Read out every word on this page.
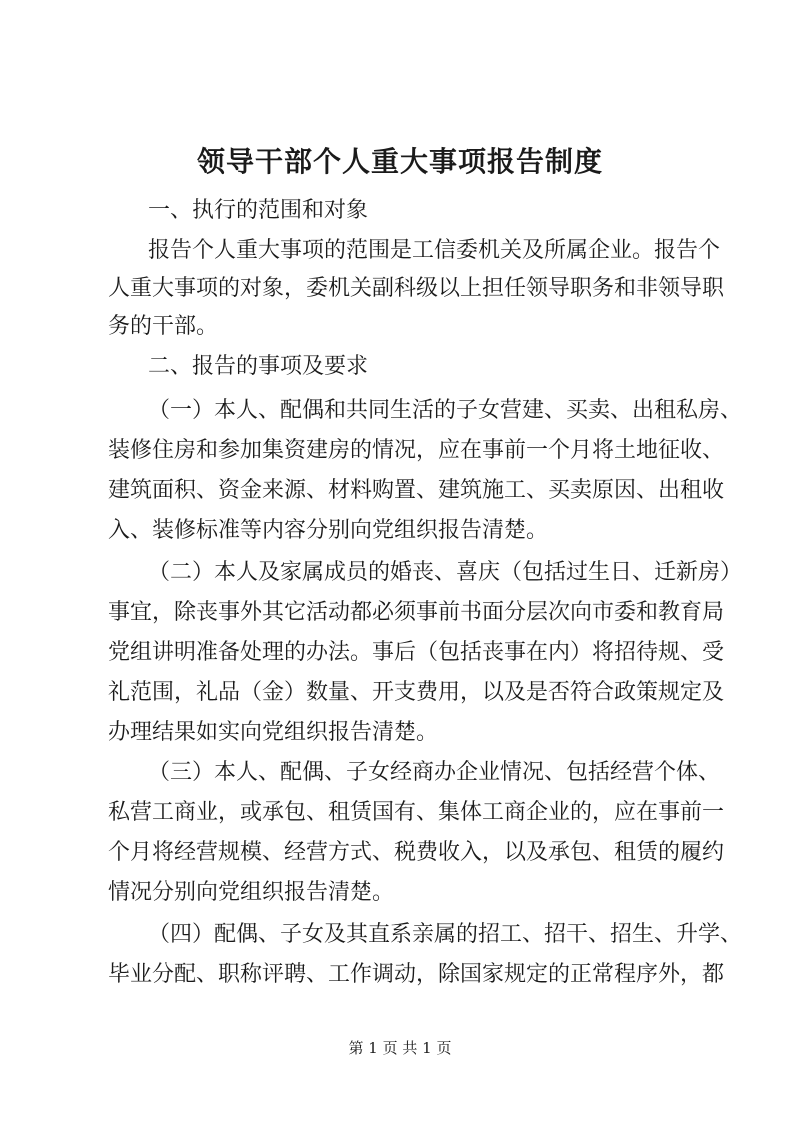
领导干部个人重大事项报告制度
一、执行的范围和对象
报告个人重大事项的范围是工信委机关及所属企业。报告个
人重大事项的对象，委机关副科级以上担任领导职务和非领导职
务的干部。
二、报告的事项及要求
（一）本人、配偶和共同生活的子女营建、买卖、出租私房、
装修住房和参加集资建房的情况，应在事前一个月将土地征收、
建筑面积、资金来源、材料购置、建筑施工、买卖原因、出租收
入、装修标准等内容分别向党组织报告清楚。
（二）本人及家属成员的婚丧、喜庆（包括过生日、迁新房）
事宜，除丧事外其它活动都必须事前书面分层次向市委和教育局
党组讲明准备处理的办法。事后（包括丧事在内）将招待规、受
礼范围，礼品（金）数量、开支费用，以及是否符合政策规定及
办理结果如实向党组织报告清楚。
（三）本人、配偶、子女经商办企业情况、包括经营个体、
私营工商业，或承包、租赁国有、集体工商企业的，应在事前一
个月将经营规模、经营方式、税费收入，以及承包、租赁的履约
情况分别向党组织报告清楚。
（四）配偶、子女及其直系亲属的招工、招干、招生、升学、
毕业分配、职称评聘、工作调动，除国家规定的正常程序外，都
第 1 页 共 1 页
